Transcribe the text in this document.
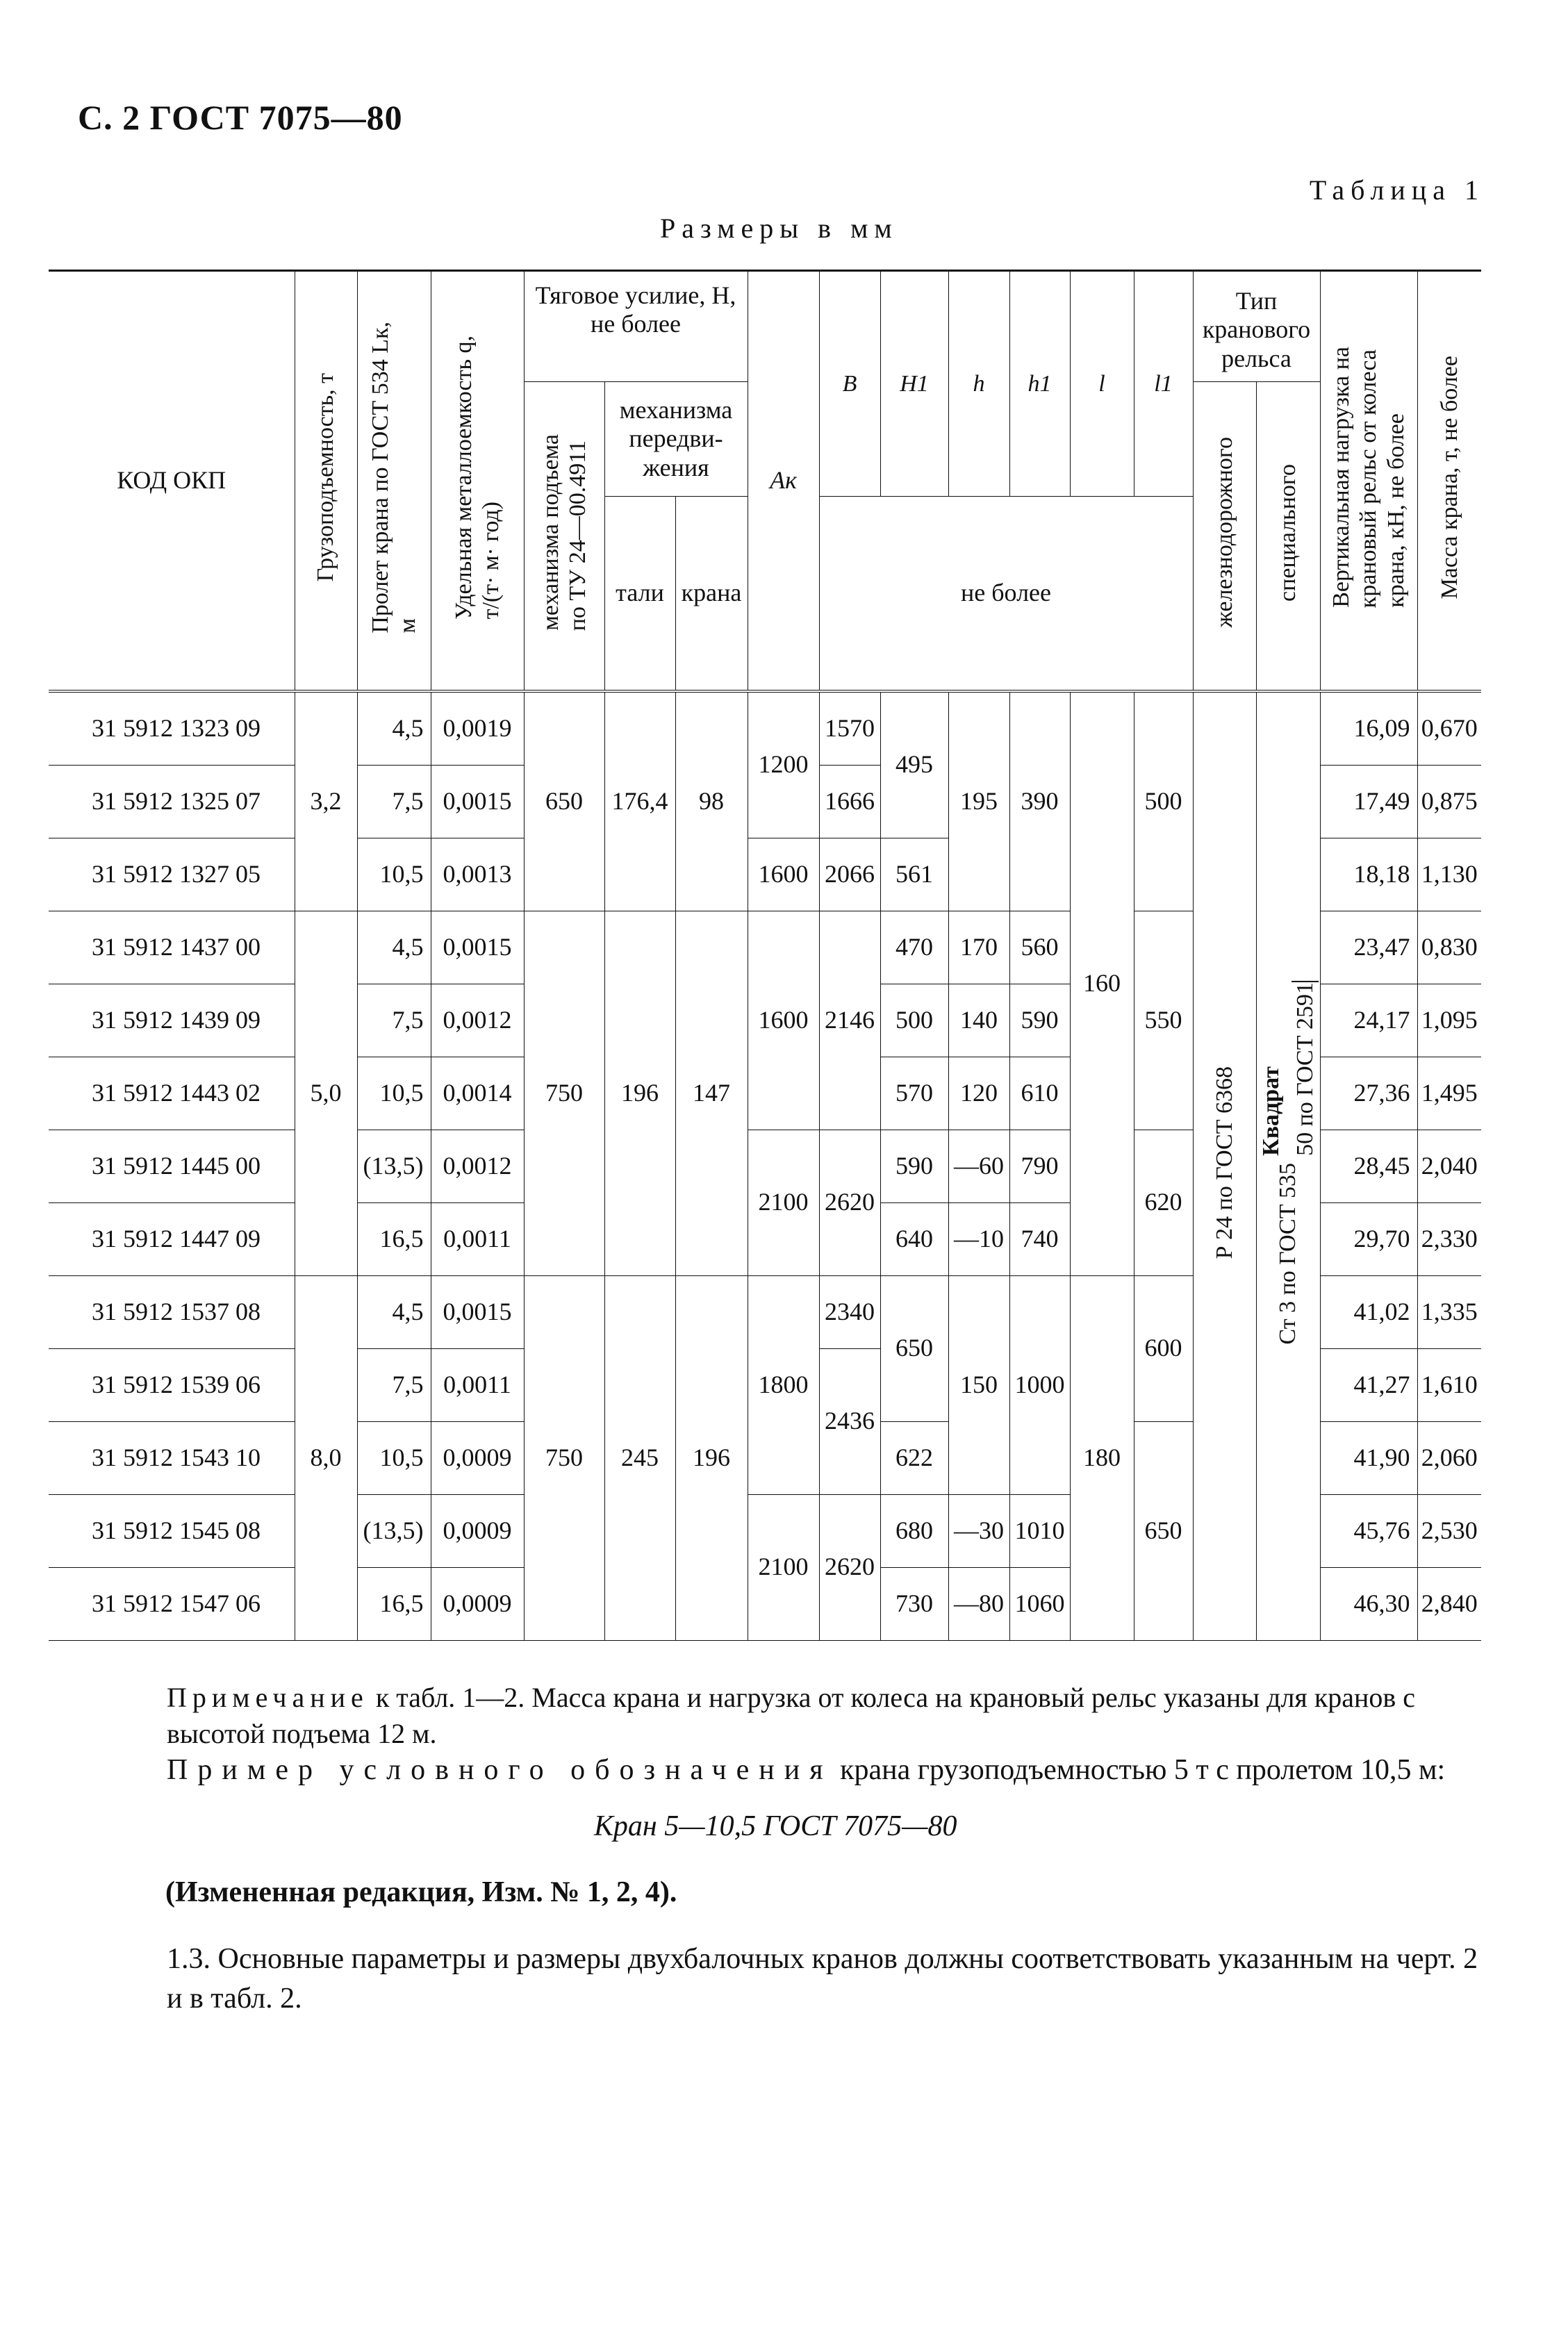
С. 2 ГОСТ 7075—80
Таблица 1
Размеры в мм
КОД ОКП	Грузоподъемность, т	Пролет крана по ГОСТ 534 Lк,м	Удельная металлоемкость q,т/(т· м· год)	Тяговое усилие, Н, не более			Aк	B	H1	h	h1	l	l1	Тип кранового рельса		Вертикальная нагрузка накрановый рельс от колесакрана, кН, не более	Масса крана, т, не более
				механизма подъемапо ТУ 24—00.4911	механизма передви- жения									железнодорожного	специального		
					тали	крана		не более									
31 5912 1323 09	3,2	4,5	0,0019	650	176,4	98	1200	1570	495	195	390	160	500	Р 24 по ГОСТ 6368	Квадрат 50 по ГОСТ 2591 Ст 3 по ГОСТ 535	16,09	0,670
31 5912 1325 07		7,5	0,0015					1666								17,49	0,875
31 5912 1327 05		10,5	0,0013				1600	2066	561							18,18	1,130
31 5912 1437 00	5,0	4,5	0,0015	750	196	147	1600	2146	470	170	560		550			23,47	0,830
31 5912 1439 09		7,5	0,0012						500	140	590					24,17	1,095
31 5912 1443 02		10,5	0,0014						570	120	610					27,36	1,495
31 5912 1445 00		(13,5)	0,0012				2100	2620	590	—60	790		620			28,45	2,040
31 5912 1447 09		16,5	0,0011						640	—10	740					29,70	2,330
31 5912 1537 08	8,0	4,5	0,0015	750	245	196	1800	2340	650	150	1000	180	600			41,02	1,335
31 5912 1539 06		7,5	0,0011					2436								41,27	1,610
31 5912 1543 10		10,5	0,0009						622				650			41,90	2,060
31 5912 1545 08		(13,5)	0,0009				2100	2620	680	—30	1010					45,76	2,530
31 5912 1547 06		16,5	0,0009						730	—80	1060					46,30	2,840
Примечание к табл. 1—2. Масса крана и нагрузка от колеса на крановый рельс указаны для кранов с высотой подъема 12 м.
Пример условного обозначения крана грузоподъемностью 5 т с пролетом 10,5 м:
Кран 5—10,5 ГОСТ 7075—80
(Измененная редакция, Изм. № 1, 2, 4).
1.3. Основные параметры и размеры двухбалочных кранов должны соответствовать указанным на черт. 2 и в табл. 2.
